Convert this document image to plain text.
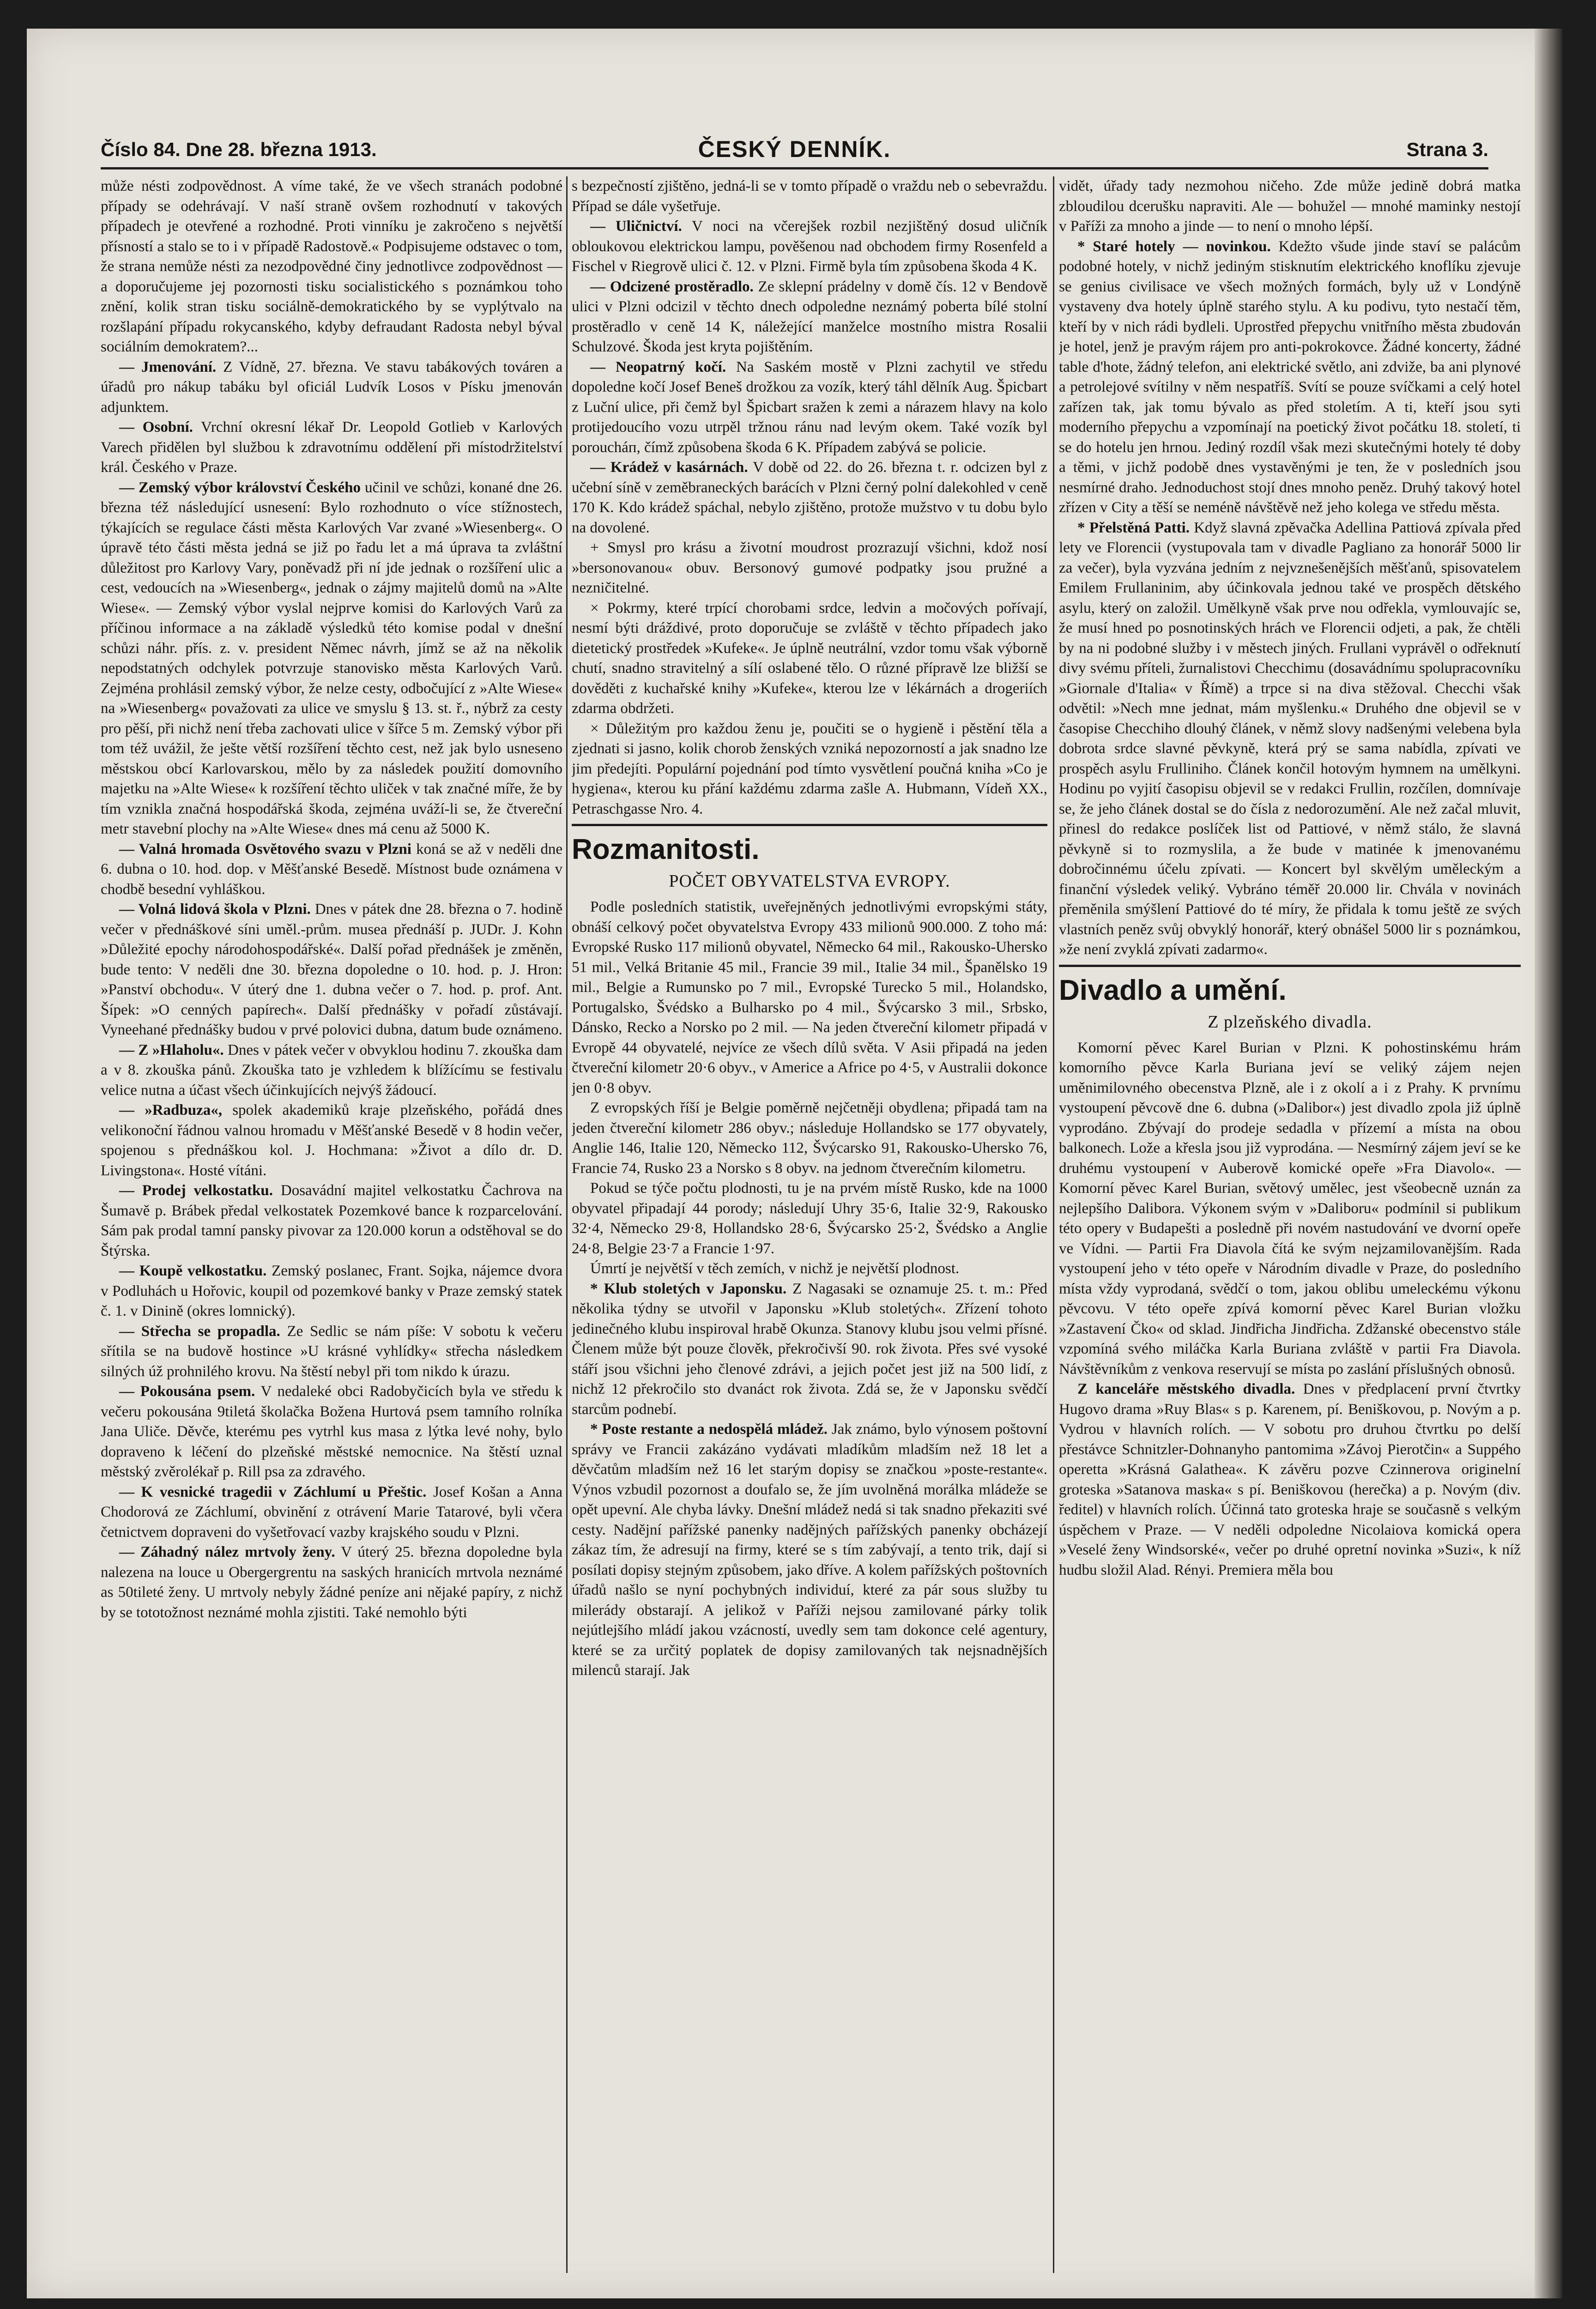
Číslo 84. Dne 28. března 1913.	ČESKÝ DENNÍK.	Strana 3.

může nésti zodpovědnost. A víme také, že ve všech stranách podobné případy se odehrávají. V naší straně ovšem rozhodnutí v takových případech je otevřené a rozhodné. Proti vinníku je zakročeno s největší přísností a stalo se to i v případě Radostově.« Podpisujeme odstavec o tom, že strana nemůže nésti za nezodpovědné činy jednotlivce zodpovědnost — a doporučujeme jej pozornosti tisku socialistického s poznámkou toho znění, kolik stran tisku sociálně-demokratického by se vyplýtvalo na rozšlapání případu rokycanského, kdyby defraudant Radosta nebyl býval sociálním demokratem?...

— Jmenování. Z Vídně, 27. března. Ve stavu tabákových továren a úřadů pro nákup tabáku byl oficiál Ludvík Losos v Písku jmenován adjunktem.

— Osobní. Vrchní okresní lékař Dr. Leopold Gotlieb v Karlových Varech přidělen byl službou k zdravotnímu oddělení při místodržitelství král. Českého v Praze.

— Zemský výbor království Českého učinil ve schůzi, konané dne 26. března též následující usnesení: Bylo rozhodnuto o více stížnostech, týkajících se regulace části města Karlových Var zvané »Wiesenberg«. O úpravě této části města jedná se již po řadu let a má úprava ta zvláštní důležitost pro Karlovy Vary, poněvadž při ní jde jednak o rozšíření ulic a cest, vedoucích na »Wiesenberg«, jednak o zájmy majitelů domů na »Alte Wiese«. — Zemský výbor vyslal nejprve komisi do Karlových Varů za příčinou informace a na základě výsledků této komise podal v dnešní schůzi náhr. přís. z. v. president Němec návrh, jímž se až na několik nepodstatných odchylek potvrzuje stanovisko města Karlových Varů. Zejména prohlásil zemský výbor, že nelze cesty, odbočující z »Alte Wiese« na »Wiesenberg« považovati za ulice ve smyslu § 13. st. ř., nýbrž za cesty pro pěší, při nichž není třeba zachovati ulice v šířce 5 m. Zemský výbor při tom též uvážil, že ješte větší rozšíření těchto cest, než jak bylo usneseno městskou obcí Karlovarskou, mělo by za následek použití domovního majetku na »Alte Wiese« k rozšíření těchto uliček v tak značné míře, že by tím vznikla značná hospodářská škoda, zejména uváží-li se, že čtvereční metr stavební plochy na »Alte Wiese« dnes má cenu až 5000 K.

— Valná hromada Osvětového svazu v Plzni koná se až v neděli dne 6. dubna o 10. hod. dop. v Měšťanské Besedě. Místnost bude oznámena v chodbě besední vyhláškou.

— Volná lidová škola v Plzni. Dnes v pátek dne 28. března o 7. hodině večer v přednáškové síni uměl.-prům. musea přednáší p. JUDr. J. Kohn »Důležité epochy národohospodářské«. Další pořad přednášek je změněn, bude tento: V neděli dne 30. března dopoledne o 10. hod. p. J. Hron: »Panství obchodu«. V úterý dne 1. dubna večer o 7. hod. p. prof. Ant. Šípek: »O cenných papírech«. Další přednášky v pořadí zůstávají. Vyneehané přednášky budou v prvé polovici dubna, datum bude oznámeno.

— Z »Hlaholu«. Dnes v pátek večer v obvyklou hodinu 7. zkouška dam a v 8. zkouška pánů. Zkouška tato je vzhledem k blížícímu se festivalu velice nutna a účast všech účinkujících nejvýš žádoucí.

— »Radbuza«, spolek akademiků kraje plzeňského, pořádá dnes velikonoční řádnou valnou hromadu v Měšťanské Besedě v 8 hodin večer, spojenou s přednáškou kol. J. Hochmana: »Život a dílo dr. D. Livingstona«. Hosté vítáni.

— Prodej velkostatku. Dosavádní majitel velkostatku Čachrova na Šumavě p. Brábek předal velkostatek Pozemkové bance k rozparcelování. Sám pak prodal tamní pansky pivovar za 120.000 korun a odstěhoval se do Štýrska.

— Koupě velkostatku. Zemský poslanec, Frant. Sojka, nájemce dvora v Podluhách u Hořovic, koupil od pozemkové banky v Praze zemský statek č. 1. v Dinině (okres lomnický).

— Střecha se propadla. Ze Sedlic se nám píše: V sobotu k večeru sřítila se na budově hostince »U krásné vyhlídky« střecha následkem silných úž prohnilého krovu. Na štěstí nebyl při tom nikdo k úrazu.

— Pokousána psem. V nedaleké obci Radobyčicích byla ve středu k večeru pokousána 9tiletá školačka Božena Hurtová psem tamního rolníka Jana Uliče. Děvče, kterému pes vytrhl kus masa z lýtka levé nohy, bylo dopraveno k léčení do plzeňské městské nemocnice. Na štěstí uznal městský zvěrolékař p. Rill psa za zdravého.

— K vesnické tragedii v Záchlumí u Přeštic. Josef Košan a Anna Chodorová ze Záchlumí, obvinění z otrávení Marie Tatarové, byli včera četnictvem dopraveni do vyšetřovací vazby krajského soudu v Plzni.

— Záhadný nález mrtvoly ženy. V úterý 25. března dopoledne byla nalezena na louce u Obergergrentu na saských hranicích mrtvola neznámé as 50tileté ženy. U mrtvoly nebyly žádné peníze ani nějaké papíry, z nichž by se tototožnost neznámé mohla zjistiti. Také nemohlo býti

s bezpečností zjištěno, jedná-li se v tomto případě o vraždu neb o sebevraždu. Případ se dále vyšetřuje.

— Uličnictví. V noci na včerejšek rozbil nezjištěný dosud uličník obloukovou elektrickou lampu, pověšenou nad obchodem firmy Rosenfeld a Fischel v Riegrově ulici č. 12. v Plzni. Firmě byla tím způsobena škoda 4 K.

— Odcizené prostěradlo. Ze sklepní prádelny v domě čís. 12 v Bendově ulici v Plzni odcizil v těchto dnech odpoledne neznámý pobertа bílé stolní prostěradlo v ceně 14 K, náležející manželce mostního mistra Rosalii Schulzové. Škoda jest kryta pojištěním.

— Neopatrný kočí. Na Saském mostě v Plzni zachytil ve středu dopoledne kočí Josef Beneš drožkou za vozík, který táhl dělník Aug. Špicbart z Luční ulice, při čemž byl Špicbart sražen k zemi a nárazem hlavy na kolo protijedoucího vozu utrpěl tržnou ránu nad levým okem. Také vozík byl poroucháп, čímž způsobena škoda 6 K. Případem zabývá se policie.

— Krádež v kasárnách. V době od 22. do 26. března t. r. odcizen byl z učební síně v zeměbraneckých barácích v Plzni černý polní dalekohled v ceně 170 K. Kdo krádež spáchal, nebylo zjištěno, protože mužstvo v tu dobu bylo na dovolené.

+ Smysl pro krásu a životní moudrost prozrazují všichni, kdož nosí »bersonovanou« obuv. Bersonový gumové podpatky jsou pružné a nezničitelné.

× Pokrmy, které trpící chorobami srdce, ledvin a močových pořívají, nesmí býti dráždivé, proto doporučuje se zvláště v těchto případech jako dietetický prostředek »Kufeke«. Je úplně neutrální, vzdor tomu však výborně chutí, snadno stravitelný a sílí oslabené tělo. O různé přípravě lze bližší se dověděti z kuchařské knihy »Kufeke«, kterou lze v lékárnách a drogeriích zdarma obdržeti.

× Důležitým pro každou ženu je, poučiti se o hygieně i pěstění těla a zjednati si jasno, kolik chorob ženských vzniká nepozorností a jak snadno lze jim předejíti. Populární pojednání pod tímto vysvětlení poučná kniha »Co je hygiena«, kterou ku přání každému zdarma zašle A. Hubmann, Vídeň XX., Petraschgasse Nro. 4.

Rozmanitosti.
POČET OBYVATELSTVA EVROPY.

Podle posledních statistik, uveřejněných jednotlivými evropskými státy, obnáší celkový počet obyvatelstva Evropy 433 milionů 900.000. Z toho má: Evropské Rusko 117 milionů obyvatel, Německo 64 mil., Rakousko-Uhersko 51 mil., Velká Britanie 45 mil., Francie 39 mil., Italie 34 mil., Španělsko 19 mil., Belgie a Rumunsko po 7 mil., Evropské Turecko 5 mil., Holandsko, Portugalsko, Švédsko a Bulharsko po 4 mil., Švýcarsko 3 mil., Srbsko, Dánsko, Recko a Norsko po 2 mil. — Na jeden čtvereční kilometr připadá v Evropě 44 obyvatelé, nejvíce ze všech dílů světa. V Asii připadá na jeden čtvereční kilometr 20·6 obyv., v Americe a Africe po 4·5, v Australii dokonce jen 0·8 obyv.

Z evropských říší je Belgie poměrně nejčetněji obydlena; připadá tam na jeden čtvereční kilometr 286 obyv.; následuje Hollandsko se 177 obyvately, Anglie 146, Italie 120, Německo 112, Švýcarsko 91, Rakousko-Uhersko 76, Francie 74, Rusko 23 a Norsko s 8 obyv. na jednom čtverečním kilometru.

Pokud se týče počtu plodnosti, tu je na prvém místě Rusko, kde na 1000 obyvatel připadají 44 porody; následují Uhry 35·6, Italie 32·9, Rakousko 32·4, Německo 29·8, Hollandsko 28·6, Švýcarsko 25·2, Švédsko a Anglie 24·8, Belgie 23·7 a Francie 1·97.

Úmrtí je největší v těch zemích, v nichž je největší plodnost.

* Klub stoletých v Japonsku. Z Nagasaki se oznamuje 25. t. m.: Před několika týdny se utvořil v Japonsku »Klub stoletých«. Zřízení tohoto jedinečného klubu inspiroval hrabě Okunza. Stanovy klubu jsou velmi přísné. Členem může být pouze člověk, překročivší 90. rok života. Přes své vysoké stáří jsou všichni jeho členové zdrávi, a jejich počet jest již na 500 lidí, z nichž 12 překročilo sto dvanáct rok života. Zdá se, že v Japonsku svědčí starcům podnebí.

* Poste restante a nedospělá mládež. Jak známo, bylo výnosem poštovní správy ve Francii zakázáno vydávati mladíkům mladším než 18 let a děvčatům mladším než 16 let starým dopisy se značkou »poste-restante«. Výnos vzbudil pozornost a doufalo se, že jím uvolněná morálka mládeže se opět upevní. Ale chyba lávky. Dnešní mládež nedá si tak snadno překaziti své cesty. Nadějní pařížské panenky nadějných pařížských panenky obcházejí zákaz tím, že adresují na firmy, které se s tím zabývají, a tento trik, dají si posílati dopisy stejným způsobem, jako dříve. A kolem pařížských poštovních úřadů našlo se nyní pochybných individuí, které za pár sous služby tu milerády obstarají. A jelikož v Paříži nejsou zamilované párky tolik nejútlejšího mládí jakou vzácností, uvedly sem tam dokonce celé agentury, které se za určitý poplatek de dopisy zamilovaných tak nejsnadnějších milenců starají. Jak

vidět, úřady tady nezmohou ničeho. Zde může jedině dobrá matka zbloudilou dcerušku napraviti. Ale — bohužel — mnohé maminky nestojí v Paříži za mnoho a jinde — to není o mnoho lépší.

* Staré hotely — novinkou. Kdežto všude jinde staví se palácům podobné hotely, v nichž jediným stisknutím elektrického knoflíku zjevuje se genius civilisace ve všech možných formách, byly už v Londýně vystaveny dva hotely úplně starého stylu. A ku podivu, tyto nestačí těm, kteří by v nich rádi bydleli. Uprostřed přepychu vnitřního města zbudován je hotel, jenž je pravým rájem pro anti-pokrokovce. Žádné koncerty, žádné table d'hote, žádný telefon, ani elektrické světlo, ani zdviže, ba ani plynové a petrolejové svítilny v něm nespatříš. Svítí se pouze svíčkami a celý hotel zařízen tak, jak tomu bývalo as před stoletím. A ti, kteří jsou syti moderního přepychu a vzpomínají na poetický život počátku 18. století, ti se do hotelu jen hrnou. Jediný rozdíl však mezi skutečnými hotely té doby a těmi, v jichž podobě dnes vystavěnými je ten, že v posledních jsou nesmírné drahо. Jednoduchost stojí dnes mnoho peněz. Druhý takový hotel zřízen v City a těší se neméně návštěvě než jeho kolega ve středu města.

* Přelstěná Patti. Když slavná zpěvačka Adellina Pattiová zpívala před lety ve Florencii (vystupovala tam v divadle Pagliano za honorář 5000 lir za večer), byla vyzvána jedním z nejvznešenějších měšťanů, spisovatelem Emilem Frullaninim, aby účinkovala jednou také ve prospěch dětského asylu, který on založil. Umělkyně však prve nou odřekla, vymlouvajíc se, že musí hned po posnotinských hrách ve Florencii odjeti, a pak, že chtěli by na ni podobné služby i v městech jiných. Frullani vyprávěl o odřeknutí divy svému příteli, žurnalistovi Checchimu (dosavádnímu spolupracovníku »Giornale d'Italia« v Římě) a trpce si na diva stěžoval. Checchi však odvětil: »Nech mne jednat, mám myšlenku.« Druhého dne objevil se v časopise Checchiho dlouhý článek, v němž slovy nadšenými velebena byla dobrota srdce slavné pěvkyně, která prý se sama nabídla, zpívati ve prospěch asylu Frulliniho. Článek končil hotovým hymnem na umělkyni. Hodinu po vyjití časopisu objevil se v redakci Frullin, rozčílen, domnívaje se, že jeho článek dostal se do čísla z nedorozumění. Ale než začal mluvit, přinesl do redakce poslíček list od Pattiové, v němž stálo, že slavná pěvkyně si to rozmyslila, a že bude v matinée k jmenovanému dobročinnému účelu zpívati. — Koncert byl skvělým uměleckým a finanční výsledek veliký. Vybráno téměř 20.000 lir. Chvála v novinách přeměnila smýšlení Pattiové do té míry, že přidala k tomu ještě ze svých vlastních peněz svůj obvyklý honorář, který obnášel 5000 lir s poznámkou, »že není zvyklá zpívati zadarmo«.

Divadlo a umění.
Z plzeňského divadla.

Komorní pěvec Karel Burian v Plzni. K pohostinskému hrám komorního pěvce Karla Buriana jeví se veliký zájem nejen uměnimilovného obecenstva Plzně, ale i z okolí a i z Prahy. K prvnímu vystoupení pěvcově dne 6. dubna (»Dalibor«) jest divadlo zpola již úplně vyprodáno. Zbývají do prodeje sedadla v přízemí a místa na obou balkonech. Lože a křesla jsou již vyprodána. — Nesmírný zájem jeví se ke druhému vystoupení v Auberově komické opeře »Fra Diavolo«. — Komorní pěvec Karel Burian, světový umělec, jest všeobecně uznán za nejlepšího Dalibora. Výkonem svým v »Daliboru« podmínil si publikum této opery v Budapešti a posledně při novém nastudování ve dvorní opeře ve Vídni. — Partii Fra Diavola čítá ke svým nejzamilovanějším. Rada vystoupení jeho v této opeře v Národním divadle v Praze, do posledního místa vždy vyprodaná, svědčí o tom, jakou oblibu umeleckému výkonu pěvcovu. V této opeře zpívá komorní pěvec Karel Burian vložku »Zastavení Čko« od sklad. Jindřicha Jindřicha. Zdžanské obecenstvo stále vzpomíná svého miláčka Karla Buriana zvláště v partii Fra Diavola. Návštěvníkům z venkova reservují se místa po zaslání příslušných obnosů.

Z kanceláře městského divadla. Dnes v předplacení první čtvrtky Hugovo drama »Ruy Blas« s p. Karenem, pí. Beniškovou, p. Novým a p. Vydrou v hlavních rolích. — V sobotu pro druhou čtvrtku po delší přestávce Schnitzler-Dohnanyho pantomima »Závoj Pierotčin« a Suppého operetta »Krásná Galathea«. K závěru pozve Czinnerova originelní groteska »Satanova maska« s pí. Beniškovou (herečka) a p. Novým (div. ředitel) v hlavních rolích. Účinná tato groteska hraje se současně s velkým úspěchem v Praze. — V neděli odpoledne Nicolaiova komická opera »Veselé ženy Windsorské«, večer po druhé opretní novinka »Suzi«, k níž hudbu složil Alad. Rényi. Premiera měla bou
